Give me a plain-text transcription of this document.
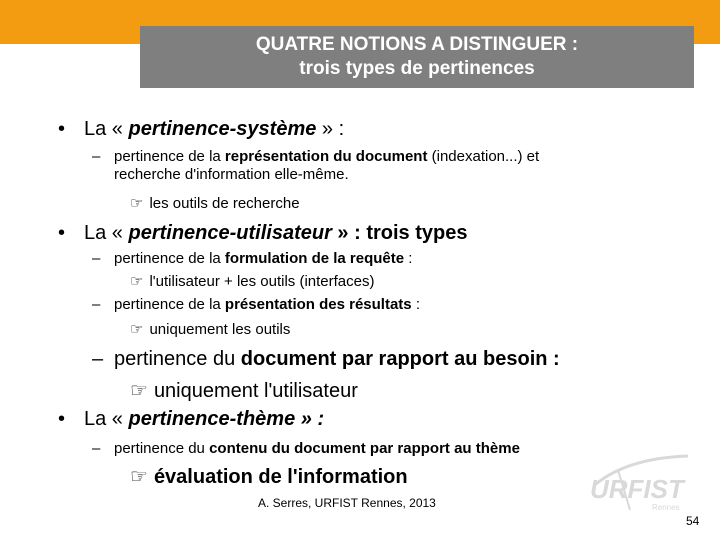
QUATRE NOTIONS A DISTINGUER :
trois types de pertinences
• La « pertinence-système » :
– pertinence de la représentation du document (indexation...) et
recherche d'information elle-même.
☞ les outils de recherche
• La « pertinence-utilisateur » : trois types
– pertinence de la formulation de la requête :
☞ l'utilisateur + les outils (interfaces)
– pertinence de la présentation des résultats :
☞ uniquement les outils
– pertinence du document par rapport au besoin :
☞ uniquement l'utilisateur
• La « pertinence-thème » :
– pertinence du contenu du document par rapport au thème
☞ évaluation de l'information	URFIST
Rennes
A. Serres, URFIST Rennes, 2013
54
